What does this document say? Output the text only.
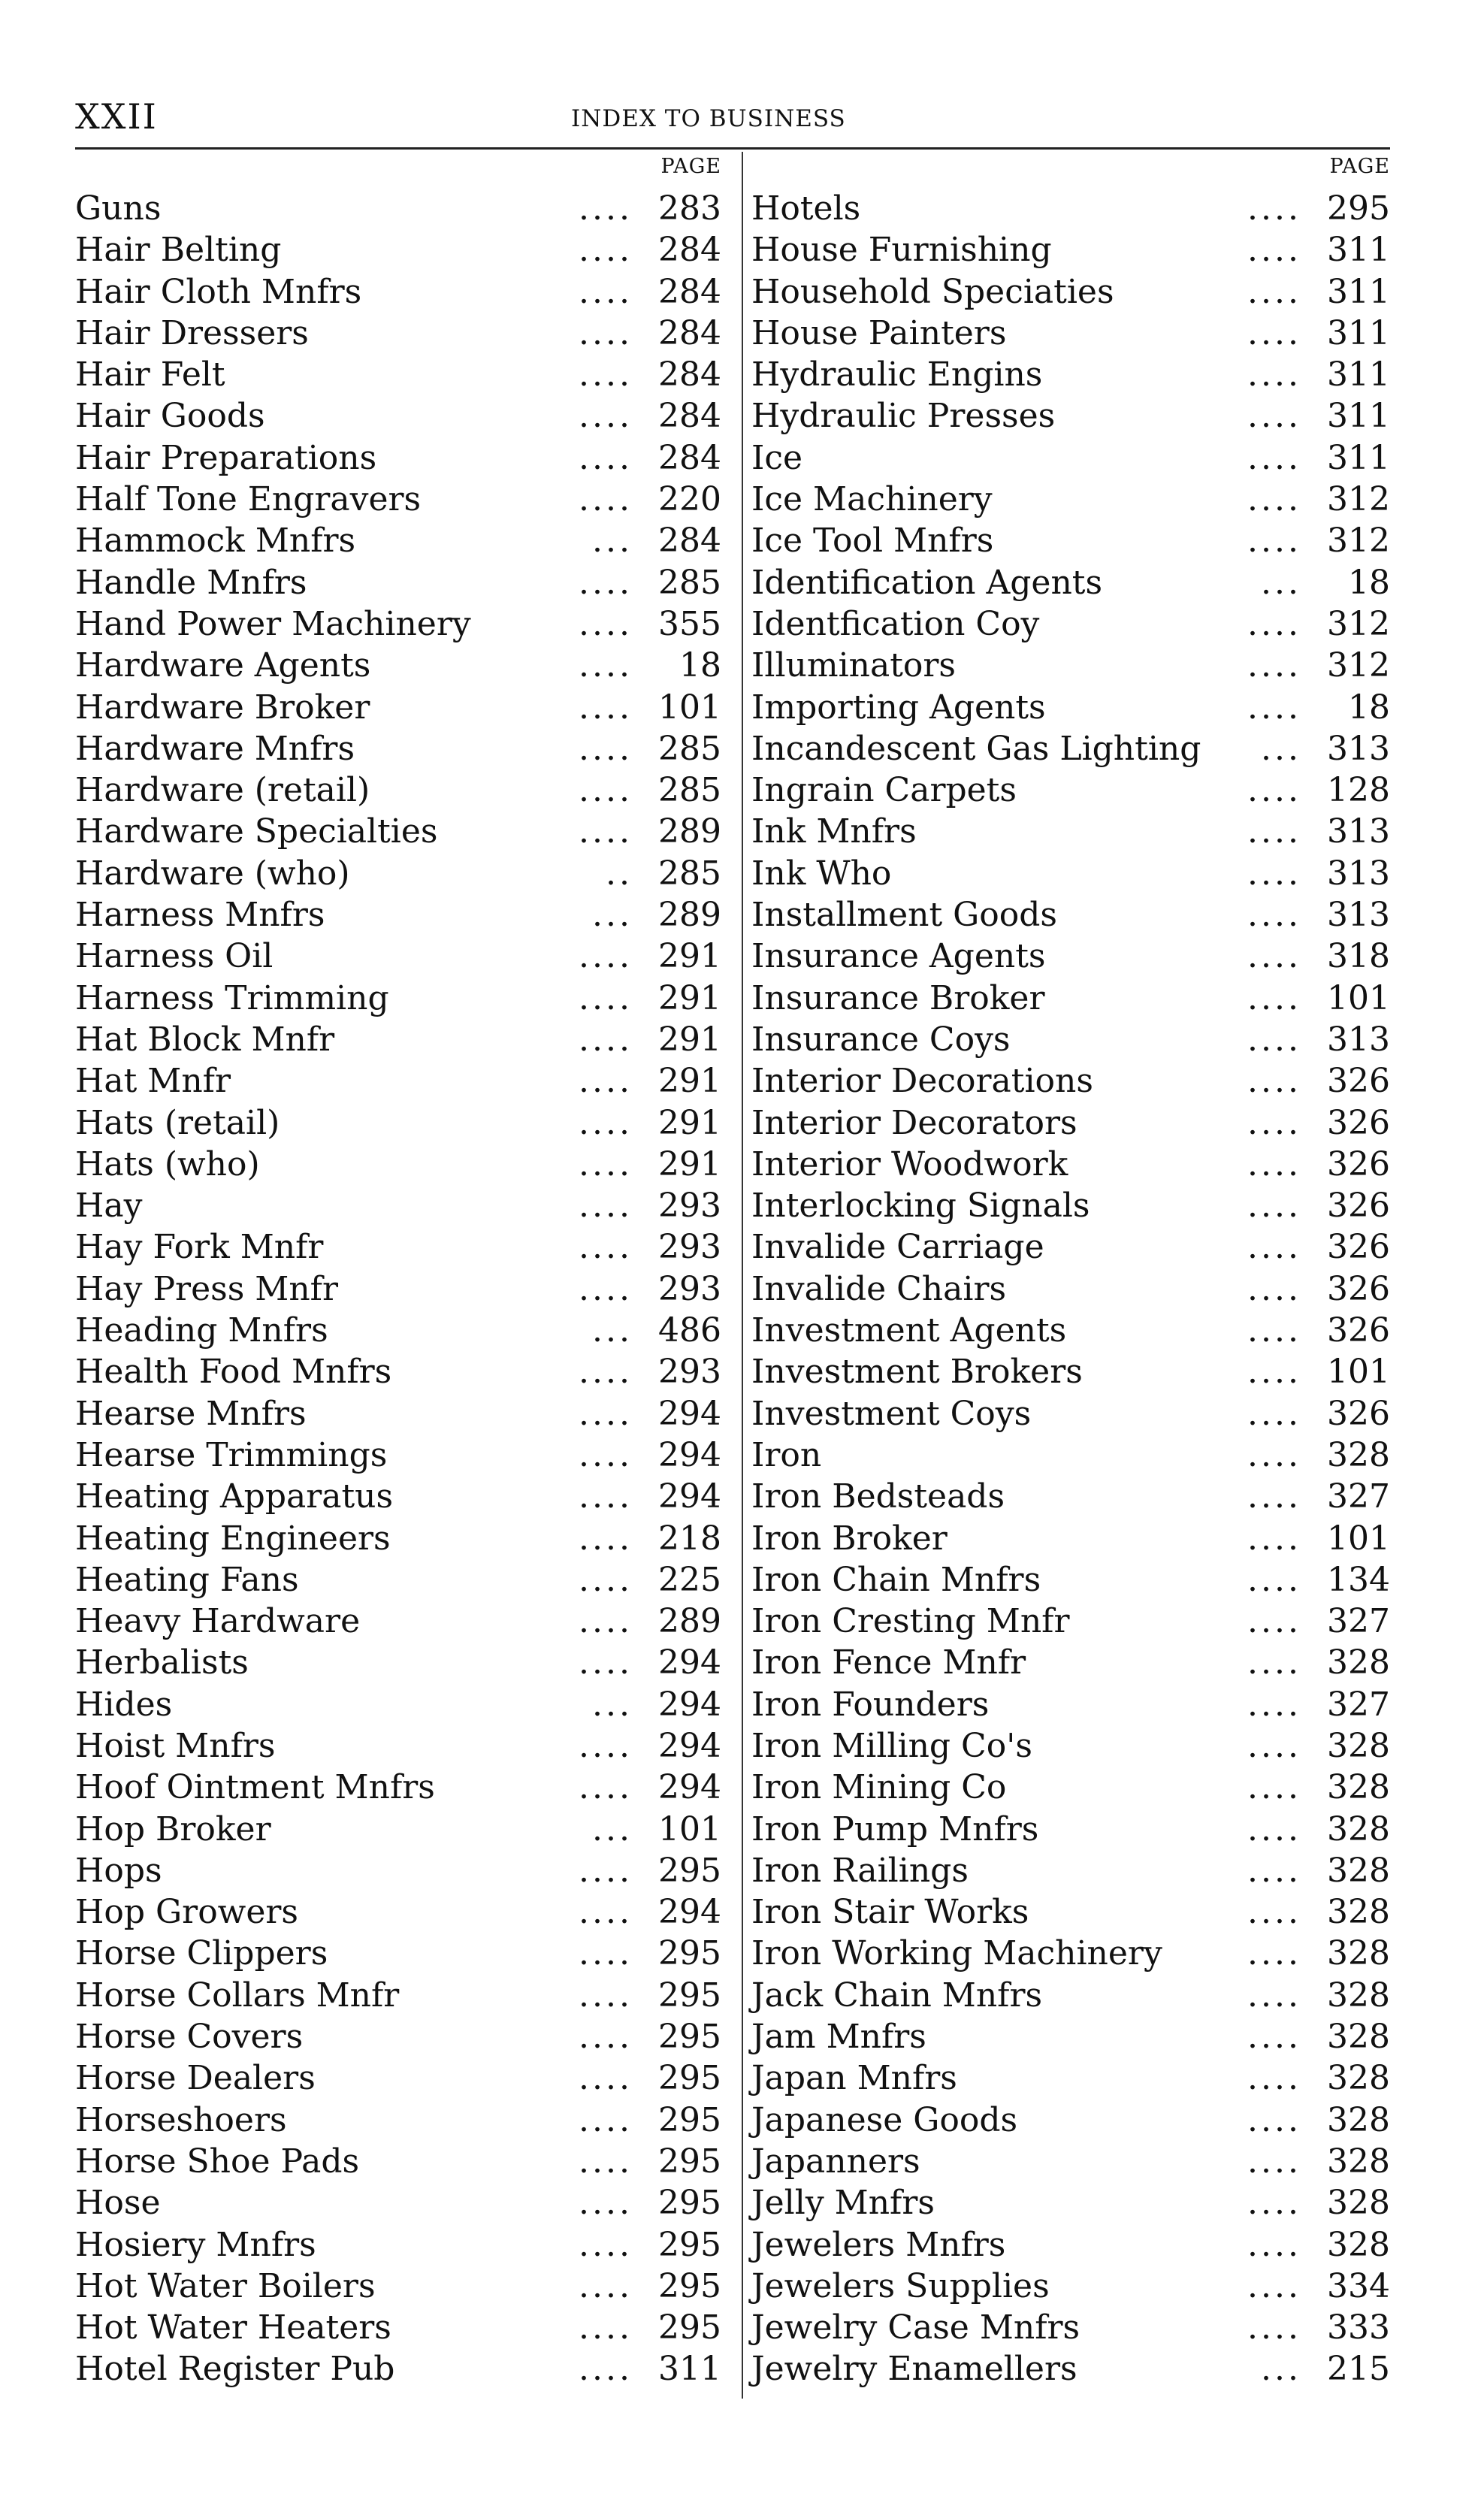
XXII	INDEX TO BUSINESS
PAGE
Guns	.... 283
Hair Belting	.... 284
Hair Cloth Mnfrs	.... 284
Hair Dressers	.... 284
Hair Felt	.... 284
Hair Goods	.... 284
Hair Preparations	.... 284
Half Tone Engravers	.... 220
Hammock Mnfrs	... 284
Handle Mnfrs	.... 285
Hand Power Machinery	.... 355
Hardware Agents	....	18
Hardware Broker	.... 101
Hardware Mnfrs	.... 285
Hardware (retail)	.... 285
Hardware Specialties	.... 289
Hardware (who)	.. 285
Harness Mnfrs	... 289
Harness Oil	.... 291
Harness Trimming	.... 291
Hat Block Mnfr	.... 291
Hat Mnfr	.... 291
Hats (retail)	.... 291
Hats (who)	.... 291
Hay	.... 293
Hay Fork Mnfr	.... 293
Hay Press Mnfr	.... 293
Heading Mnfrs	... 486
Health Food Mnfrs	.... 293
Hearse Mnfrs	.... 294
Hearse Trimmings	.... 294
Heating Apparatus	.... 294
Heating Engineers	.... 218
Heating Fans	.... 225
Heavy Hardware	.... 289
Herbalists	.... 294
Hides	... 294
Hoist Mnfrs	.... 294
Hoof Ointment Mnfrs	.... 294
Hop Broker	... 101
Hops	.... 295
Hop Growers	.... 294
Horse Clippers	.... 295
Horse Collars Mnfr	.... 295
Horse Covers	.... 295
Horse Dealers	.... 295
Horseshoers	.... 295
Horse Shoe Pads	.... 295
Hose	.... 295
Hosiery Mnfrs	.... 295
Hot Water Boilers	.... 295
Hot Water Heaters	.... 295
Hotel Register Pub	.... 311
PAGE
Hotels	.... 295
House Furnishing	.... 311
Household Speciaties	.... 311
House Painters	.... 311
Hydraulic Engins	.... 311
Hydraulic Presses	.... 311
Ice	.... 311
Ice Machinery	.... 312
Ice Tool Mnfrs	.... 312
Identification Agents	...	18
Identfication Coy	.... 312
Illuminators	.... 312
Importing Agents	....	18
Incandescent Gas Lighting	... 313
Ingrain Carpets	.... 128
Ink Mnfrs	.... 313
Ink Who	.... 313
Installment Goods	.... 313
Insurance Agents	.... 318
Insurance Broker	.... 101
Insurance Coys	.... 313
Interior Decorations	.... 326
Interior Decorators	.... 326
Interior Woodwork	.... 326
Interlocking Signals	.... 326
Invalide Carriage	.... 326
Invalide Chairs	.... 326
Investment Agents	.... 326
Investment Brokers	.... 101
Investment Coys	.... 326
Iron	.... 328
Iron Bedsteads	.... 327
Iron Broker	.... 101
Iron Chain Mnfrs	.... 134
Iron Cresting Mnfr	.... 327
Iron Fence Mnfr	.... 328
Iron Founders	.... 327
Iron Milling Co's	.... 328
Iron Mining Co	.... 328
Iron Pump Mnfrs	.... 328
Iron Railings	.... 328
Iron Stair Works	.... 328
Iron Working Machinery	.... 328
Jack Chain Mnfrs	.... 328
Jam Mnfrs	.... 328
Japan Mnfrs	.... 328
Japanese Goods	.... 328
Japanners	.... 328
Jelly Mnfrs	.... 328
Jewelers Mnfrs	.... 328
Jewelers Supplies	.... 334
Jewelry Case Mnfrs	.... 333
Jewelry Enamellers	... 215
